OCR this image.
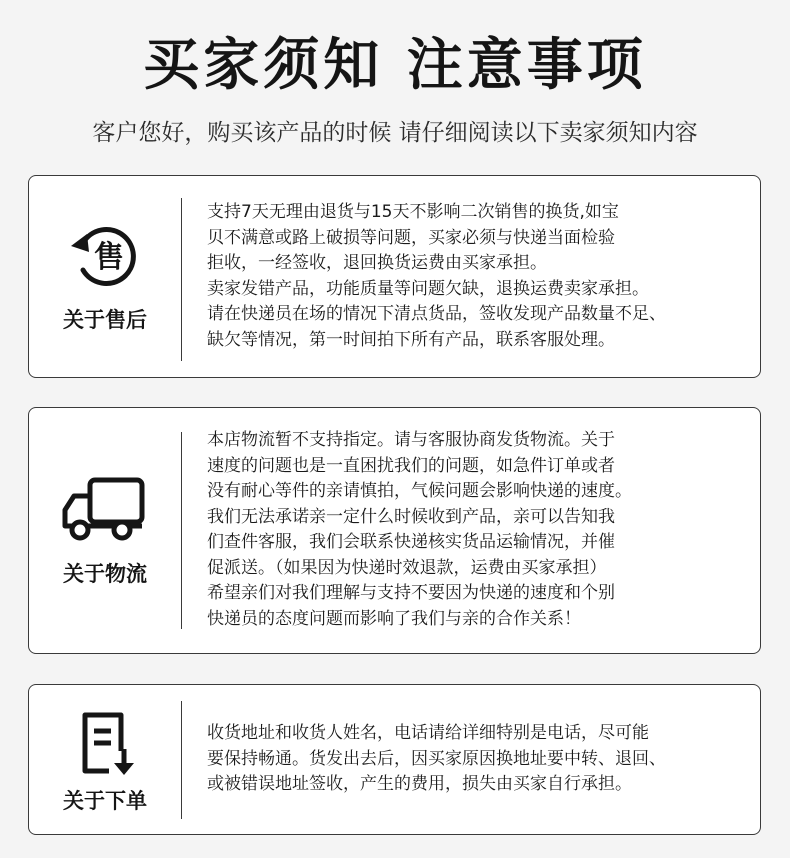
买家须知 注意事项
客户您好，购买该产品的时候 请仔细阅读以下卖家须知内容
售
关于售后
支持7天无理由退货与15天不影响二次销售的换货,如宝
贝不满意或路上破损等问题，买家必须与快递当面检验
拒收，一经签收，退回换货运费由买家承担。
卖家发错产品，功能质量等问题欠缺，退换运费卖家承担。
请在快递员在场的情况下清点货品，签收发现产品数量不足、
缺欠等情况，第一时间拍下所有产品，联系客服处理。
关于物流
本店物流暂不支持指定。请与客服协商发货物流。关于
速度的问题也是一直困扰我们的问题，如急件订单或者
没有耐心等件的亲请慎拍，气候问题会影响快递的速度。
我们无法承诺亲一定什么时候收到产品，亲可以告知我
们查件客服，我们会联系快递核实货品运输情况，并催
促派送。（如果因为快递时效退款，运费由买家承担）
希望亲们对我们理解与支持不要因为快递的速度和个别
快递员的态度问题而影响了我们与亲的合作关系！
关于下单
收货地址和收货人姓名，电话请给详细特别是电话，尽可能
要保持畅通。货发出去后，因买家原因换地址要中转、退回、
或被错误地址签收，产生的费用，损失由买家自行承担。
